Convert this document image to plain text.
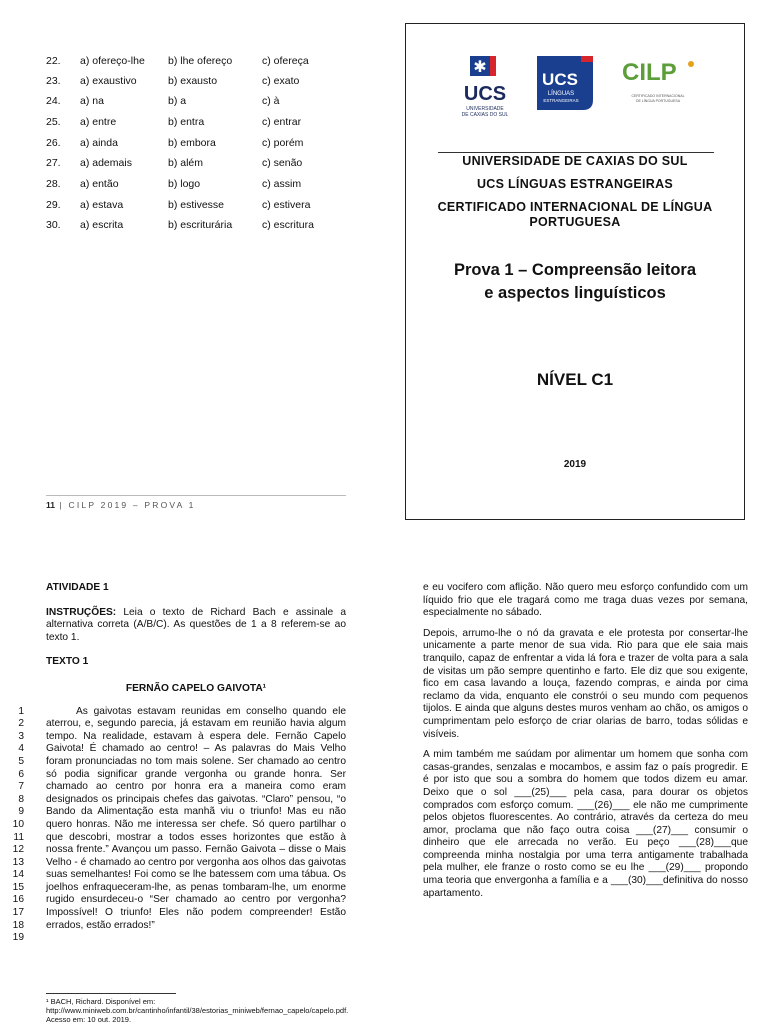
22.	a) ofereço-lhe b) lhe ofereço	c) ofereça
23.	a) exaustivo	b) exausto	c) exato
24.	a) na	b) a	c) à
25.	a) entre	b) entra	c) entrar
26.	a) ainda	b) embora	c) porém
27.	a) ademais	b) além	c) senão
28.	a) então	b) logo	c) assim
29.	a) estava	b) estivesse	c) estivera
30.	a) escrita	b) escriturária	c) escritura
11 | CILP 2019 – PROVA 1
✱
UCS
UNIVERSIDADE
DE CAXIAS DO SUL
UCS
LÍNGUAS
ESTRANGEIRAS
CILP
CERTIFICADO INTERNACIONAL
DE LÍNGUA PORTUGUESA
UNIVERSIDADE DE CAXIAS DO SUL
UCS LÍNGUAS ESTRANGEIRAS
CERTIFICADO INTERNACIONAL DE LÍNGUA
PORTUGUESA
Prova 1 – Compreensão leitora
e aspectos linguísticos
NÍVEL C1
2019
ATIVIDADE 1
INSTRUÇÕES: Leia o texto de Richard Bach e assinale a alternativa correta (A/B/C). As questões de 1 a 8 referem-se ao texto 1.
TEXTO 1
FERNÃO CAPELO GAIVOTA¹
1
2
3
4
5
6
7
8
9
10
11
12
13
14
15
16
17
18
19
As gaivotas estavam reunidas em conselho quando ele aterrou, e, segundo parecia, já estavam em reunião havia algum tempo. Na realidade, estavam à espera dele. Fernão Capelo Gaivota! É chamado ao centro! – As palavras do Mais Velho foram pronunciadas no tom mais solene. Ser chamado ao centro só podia significar grande vergonha ou grande honra. Ser chamado ao centro por honra era a maneira como eram designados os principais chefes das gaivotas. “Claro” pensou, “o Bando da Alimentação esta manhã viu o triunfo! Mas eu não quero honras. Não me interessa ser chefe. Só quero partilhar o que descobri, mostrar a todos esses horizontes que estão à nossa frente.” Avançou um passo. Fernão Gaivota – disse o Mais Velho - é chamado ao centro por vergonha aos olhos das gaivotas suas semelhantes! Foi como se lhe batessem com uma tábua. Os joelhos enfraqueceram-lhe, as penas tombaram-lhe, um enorme rugido ensurdeceu-o “Ser chamado ao centro por vergonha? Impossível! O triunfo! Eles não podem compreender! Estão errados, estão errados!”

e eu vocifero com aflição. Não quero meu esforço confundido com um líquido frio que ele tragará como me traga duas vezes por semana, especialmente no sábado.

Depois, arrumo-lhe o nó da gravata e ele protesta por consertar-lhe unicamente a parte menor de sua vida. Rio para que ele saia mais tranquilo, capaz de enfrentar a vida lá fora e trazer de volta para a sala de visitas um pão sempre quentinho e farto. Ele diz que sou exigente, fico em casa lavando a louça, fazendo compras, e ainda por cima reclamo da vida, enquanto ele constrói o seu mundo com pequenos tijolos. E ainda que alguns destes muros venham ao chão, os amigos o cumprimentam pelo esforço de criar olarias de barro, todas sólidas e visíveis.

A mim também me saúdam por alimentar um homem que sonha com casas-grandes, senzalas e mocambos, e assim faz o país progredir. E é por isto que sou a sombra do homem que todos dizem eu amar. Deixo que o sol ___(25)___ pela casa, para dourar os objetos comprados com esforço comum. ___(26)___ ele não me cumprimente pelos objetos fluorescentes. Ao contrário, através da certeza do meu amor, proclama que não faço outra coisa ___(27)___ consumir o dinheiro que ele arrecada no verão. Eu peço ___(28)___que compreenda minha nostalgia por uma terra antigamente trabalhada pela mulher, ele franze o rosto como se eu lhe ___(29)___ propondo uma teoria que envergonha a família e a ___(30)___definitiva do nosso apartamento.

¹ BACH, Richard. Disponível em: http://www.miniweb.com.br/cantinho/infantil/38/estorias_miniweb/fernao_capelo/capelo.pdf. Acesso em: 10 out. 2019.
